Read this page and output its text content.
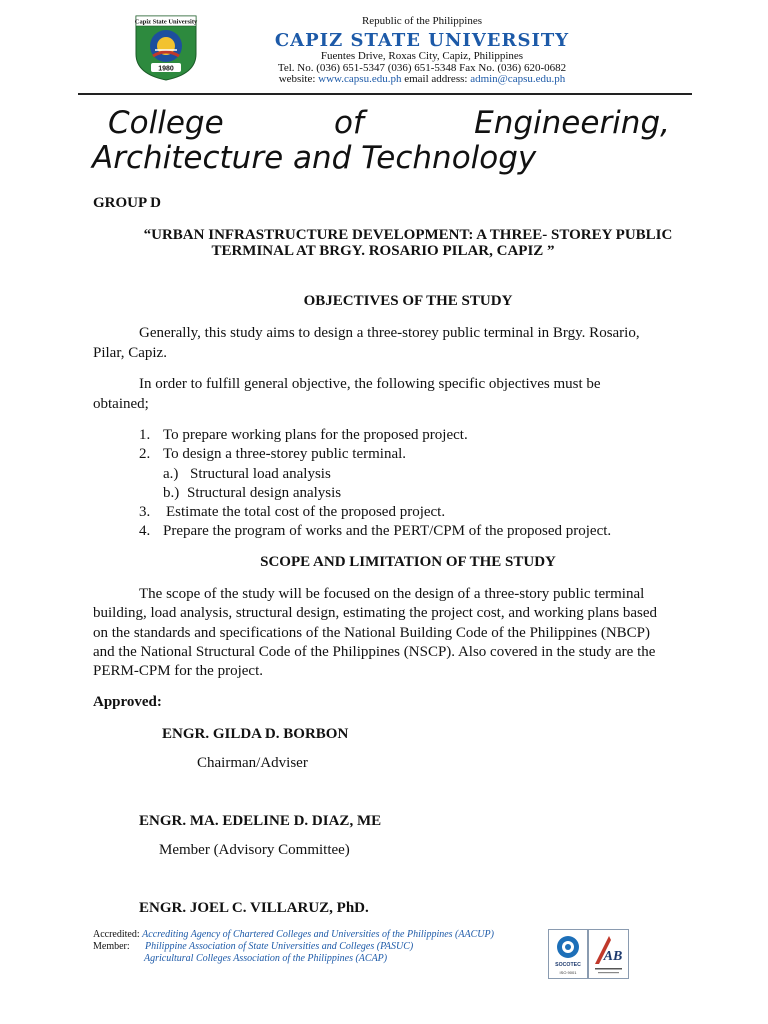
Capiz State University
1980
Republic of the Philippines
CAPIZ STATE UNIVERSITY
Fuentes Drive, Roxas City, Capiz, Philippines
Tel. No. (036) 651-5347 (036) 651-5348 Fax No. (036) 620-0682
website: www.capsu.edu.ph email address: admin@capsu.edu.ph
College	of	Engineering,
Architecture and Technology
GROUP D
“URBAN INFRASTRUCTURE DEVELOPMENT: A THREE- STOREY PUBLIC
TERMINAL AT BRGY. ROSARIO PILAR, CAPIZ ”
OBJECTIVES OF THE STUDY
Generally, this study aims to design a three-storey public terminal in Brgy. Rosario,
Pilar, Capiz.
In order to fulfill general objective, the following specific objectives must be
obtained;
1. To prepare working plans for the proposed project.
2. To design a three-storey public terminal.
a.) Structural load analysis
b.) Structural design analysis
3. Estimate the total cost of the proposed project.
4. Prepare the program of works and the PERT/CPM of the proposed project.
SCOPE AND LIMITATION OF THE STUDY
The scope of the study will be focused on the design of a three-story public terminal
building, load analysis, structural design, estimating the project cost, and working plans based
on the standards and specifications of the National Building Code of the Philippines (NBCP)
and the National Structural Code of the Philippines (NSCP). Also covered in the study are the
PERM-CPM for the project.
Approved:
ENGR. GILDA D. BORBON
Chairman/Adviser
ENGR. MA. EDELINE D. DIAZ, ME
Member (Advisory Committee)
ENGR. JOEL C. VILLARUZ, PhD.
Accredited: Accrediting Agency of Chartered Colleges and Universities of the Philippines (AACUP)
Member: Philippine Association of State Universities and Colleges (PASUC)
Agricultural Colleges Association of the Philippines (ACAP)
SOCOTEC
ISO 9001
AB
